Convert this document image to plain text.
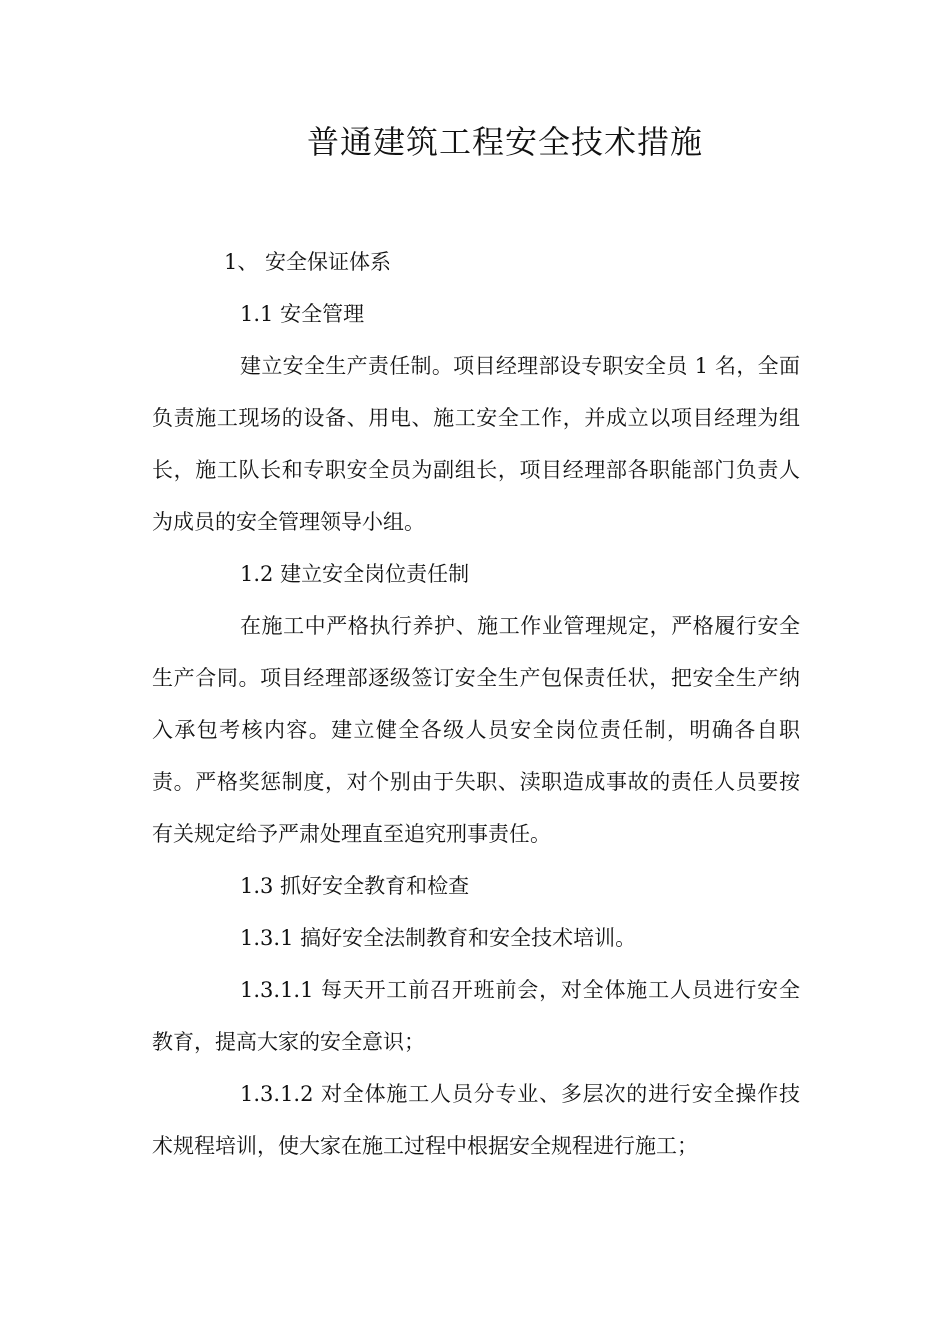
普通建筑工程安全技术措施

1、 安全保证体系

1.1 安全管理

建立安全生产责任制。项目经理部设专职安全员 1 名，全面负责施工现场的设备、用电、施工安全工作，并成立以项目经理为组长，施工队长和专职安全员为副组长，项目经理部各职能部门负责人为成员的安全管理领导小组。

1.2 建立安全岗位责任制

在施工中严格执行养护、施工作业管理规定，严格履行安全生产合同。项目经理部逐级签订安全生产包保责任状，把安全生产纳入承包考核内容。建立健全各级人员安全岗位责任制，明确各自职责。严格奖惩制度，对个别由于失职、渎职造成事故的责任人员要按有关规定给予严肃处理直至追究刑事责任。

1.3 抓好安全教育和检查

1.3.1 搞好安全法制教育和安全技术培训。

1.3.1.1 每天开工前召开班前会，对全体施工人员进行安全教育，提高大家的安全意识；

1.3.1.2 对全体施工人员分专业、多层次的进行安全操作技术规程培训，使大家在施工过程中根据安全规程进行施工；
